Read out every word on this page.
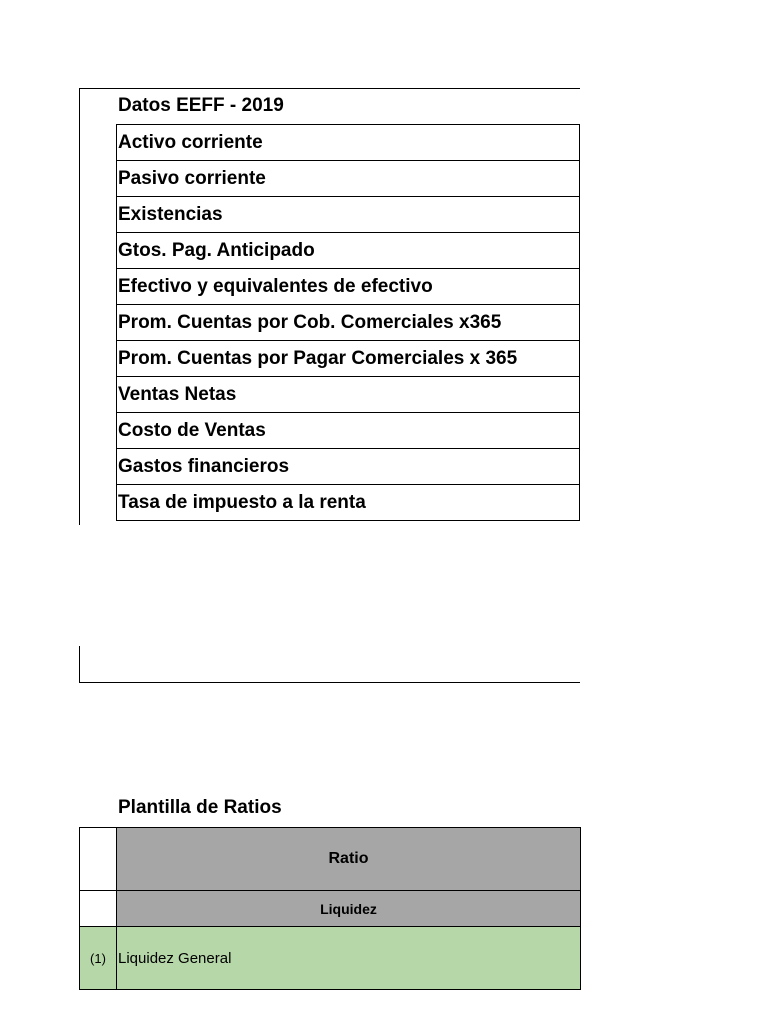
Datos EEFF - 2019
Activo corriente
Pasivo corriente
Existencias
Gtos. Pag. Anticipado
Efectivo y equivalentes de efectivo
Prom. Cuentas por Cob. Comerciales x365
Prom. Cuentas por Pagar Comerciales x 365
Ventas Netas
Costo de Ventas
Gastos financieros
Tasa de impuesto a la renta
Plantilla de Ratios
	Ratio
	Liquidez
(1)	Liquidez General
